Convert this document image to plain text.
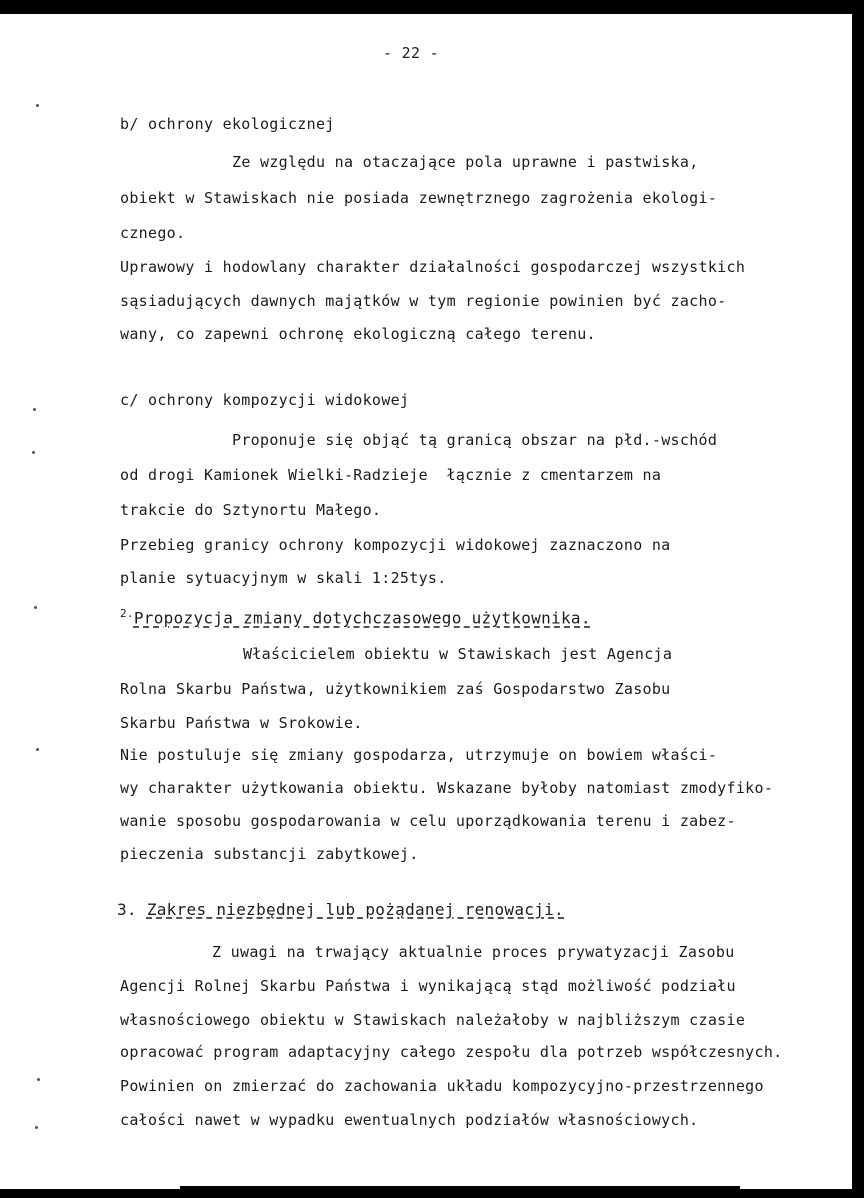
- 22 -
b/ ochrony ekologicznej
Ze względu na otaczające pola uprawne i pastwiska,
obiekt w Stawiskach nie posiada zewnętrznego zagrożenia ekologi-
cznego.
Uprawowy i hodowlany charakter działalności gospodarczej wszystkich
sąsiadujących dawnych majątków w tym regionie powinien być zacho-
wany, co zapewni ochronę ekologiczną całego terenu.
c/ ochrony kompozycji widokowej
Proponuje się objąć tą granicą obszar na płd.-wschód
od drogi Kamionek Wielki-Radzieje  łącznie z cmentarzem na
trakcie do Sztynortu Małego.
Przebieg granicy ochrony kompozycji widokowej zaznaczono na
planie sytuacyjnym w skali 1:25tys.
$^{2.}$Propozycja zmiany dotychczasowego użytkownika.
Właścicielem obiektu w Stawiskach jest Agencja
Rolna Skarbu Państwa, użytkownikiem zaś Gospodarstwo Zasobu
Skarbu Państwa w Srokowie.
Nie postuluje się zmiany gospodarza, utrzymuje on bowiem właści-
wy charakter użytkowania obiektu. Wskazane byłoby natomiast zmodyfiko-
wanie sposobu gospodarowania w celu uporządkowania terenu i zabez-
pieczenia substancji zabytkowej.
3. Zakres niezbędnej lub pożądanej renowacji.
Z uwagi na trwający aktualnie proces prywatyzacji Zasobu
Agencji Rolnej Skarbu Państwa i wynikającą stąd możliwość podziału
własnościowego obiektu w Stawiskach należałoby w najbliższym czasie
opracować program adaptacyjny całego zespołu dla potrzeb współczesnych.
Powinien on zmierzać do zachowania układu kompozycyjno-przestrzennego
całości nawet w wypadku ewentualnych podziałów własnościowych.
